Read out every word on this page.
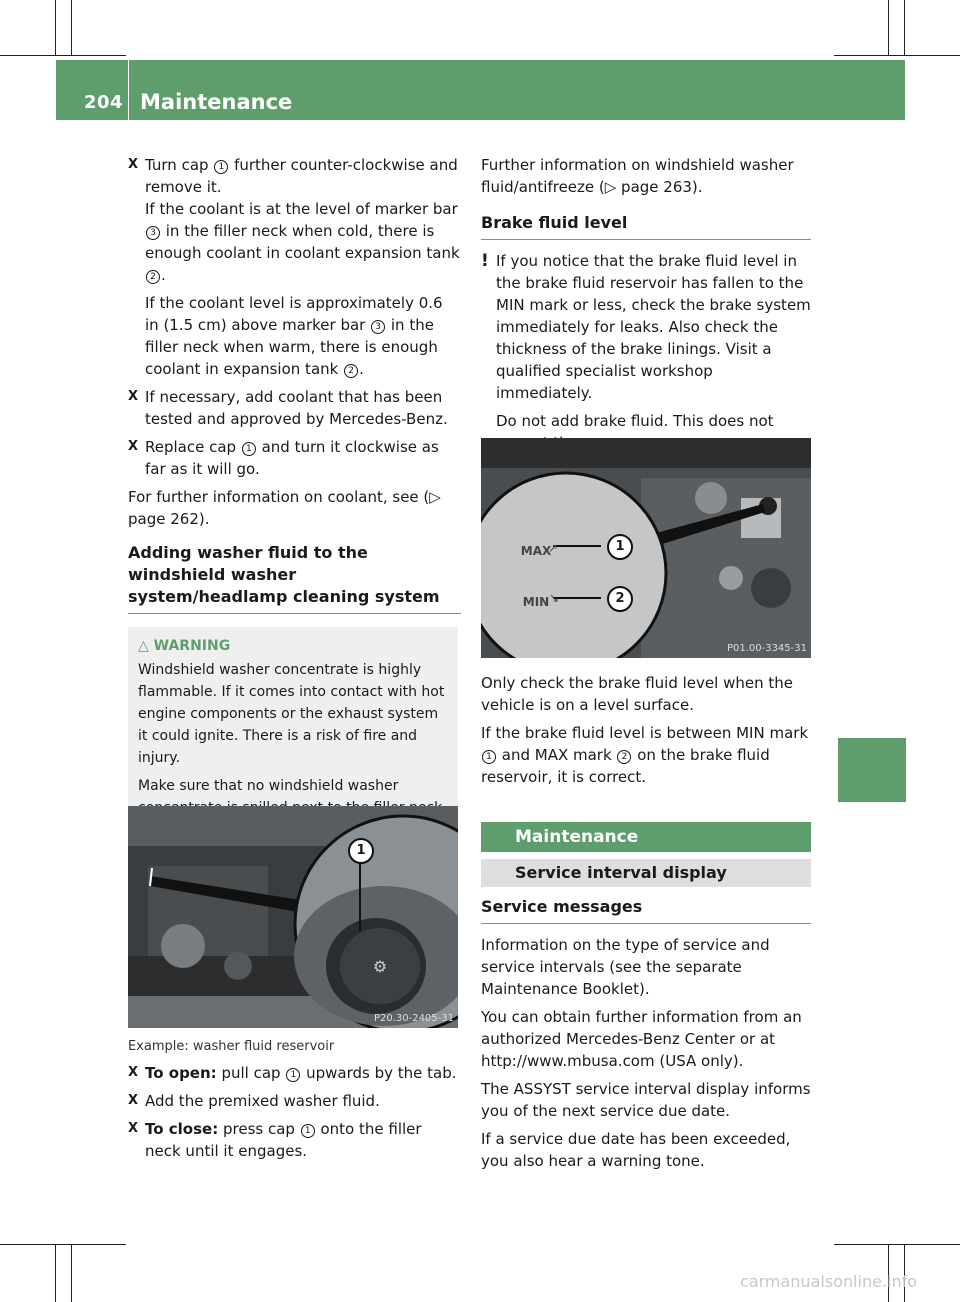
204 Maintenance
Maintenance and care
X Turn cap 1 further counter-clockwise and remove it.
If the coolant is at the level of marker bar
3 in the filler neck when cold, there is enough coolant in coolant expansion tank 2 .
If the coolant level is approximately 0.6 in (1.5 cm) above marker bar 3 in the filler neck when warm, there is enough coolant in expansion tank 2 .
X If necessary, add coolant that has been tested and approved by Mercedes-Benz.
X Replace cap 1 and turn it clockwise as far as it will go.

For further information on coolant, see (▷ page 262).

Adding washer fluid to the windshield washer system/headlamp cleaning system
△ WARNING
Windshield washer concentrate is highly flammable. If it comes into contact with hot engine components or the exhaust system it could ignite. There is a risk of fire and injury.
Make sure that no windshield washer
⚙
1
P20.30-2405-31
Example: washer fluid reservoir
X To open: pull cap 1 upwards by the tab.
X Add the premixed washer fluid.
X To close: press cap 1 onto the filler neck until it engages.

Further information on windshield washer fluid/antifreeze (▷ page 263).

Brake fluid level
! If you notice that the brake fluid level in the brake fluid reservoir has fallen to the MIN mark or less, check the brake system immediately for leaks. Also check the thickness of the brake linings. Visit a qualified specialist workshop immediately.

Do not add brake fluid. This does not

MAX
↗
MIN ↘
1
2
P01.00-3345-31

Only check the brake fluid level when the vehicle is on a level surface.

If the brake fluid level is between MIN mark 1 and MAX mark 2 on the brake fluid reservoir, it is correct.

Maintenance
Service interval display
Service messages

Information on the type of service and service intervals (see the separate Maintenance Booklet).

You can obtain further information from an authorized Mercedes-Benz Center or at http://www.mbusa.com (USA only).

The ASSYST service interval display informs you of the next service due date.

If a service due date has been exceeded, you also hear a warning tone.

carmanualsonline.info
